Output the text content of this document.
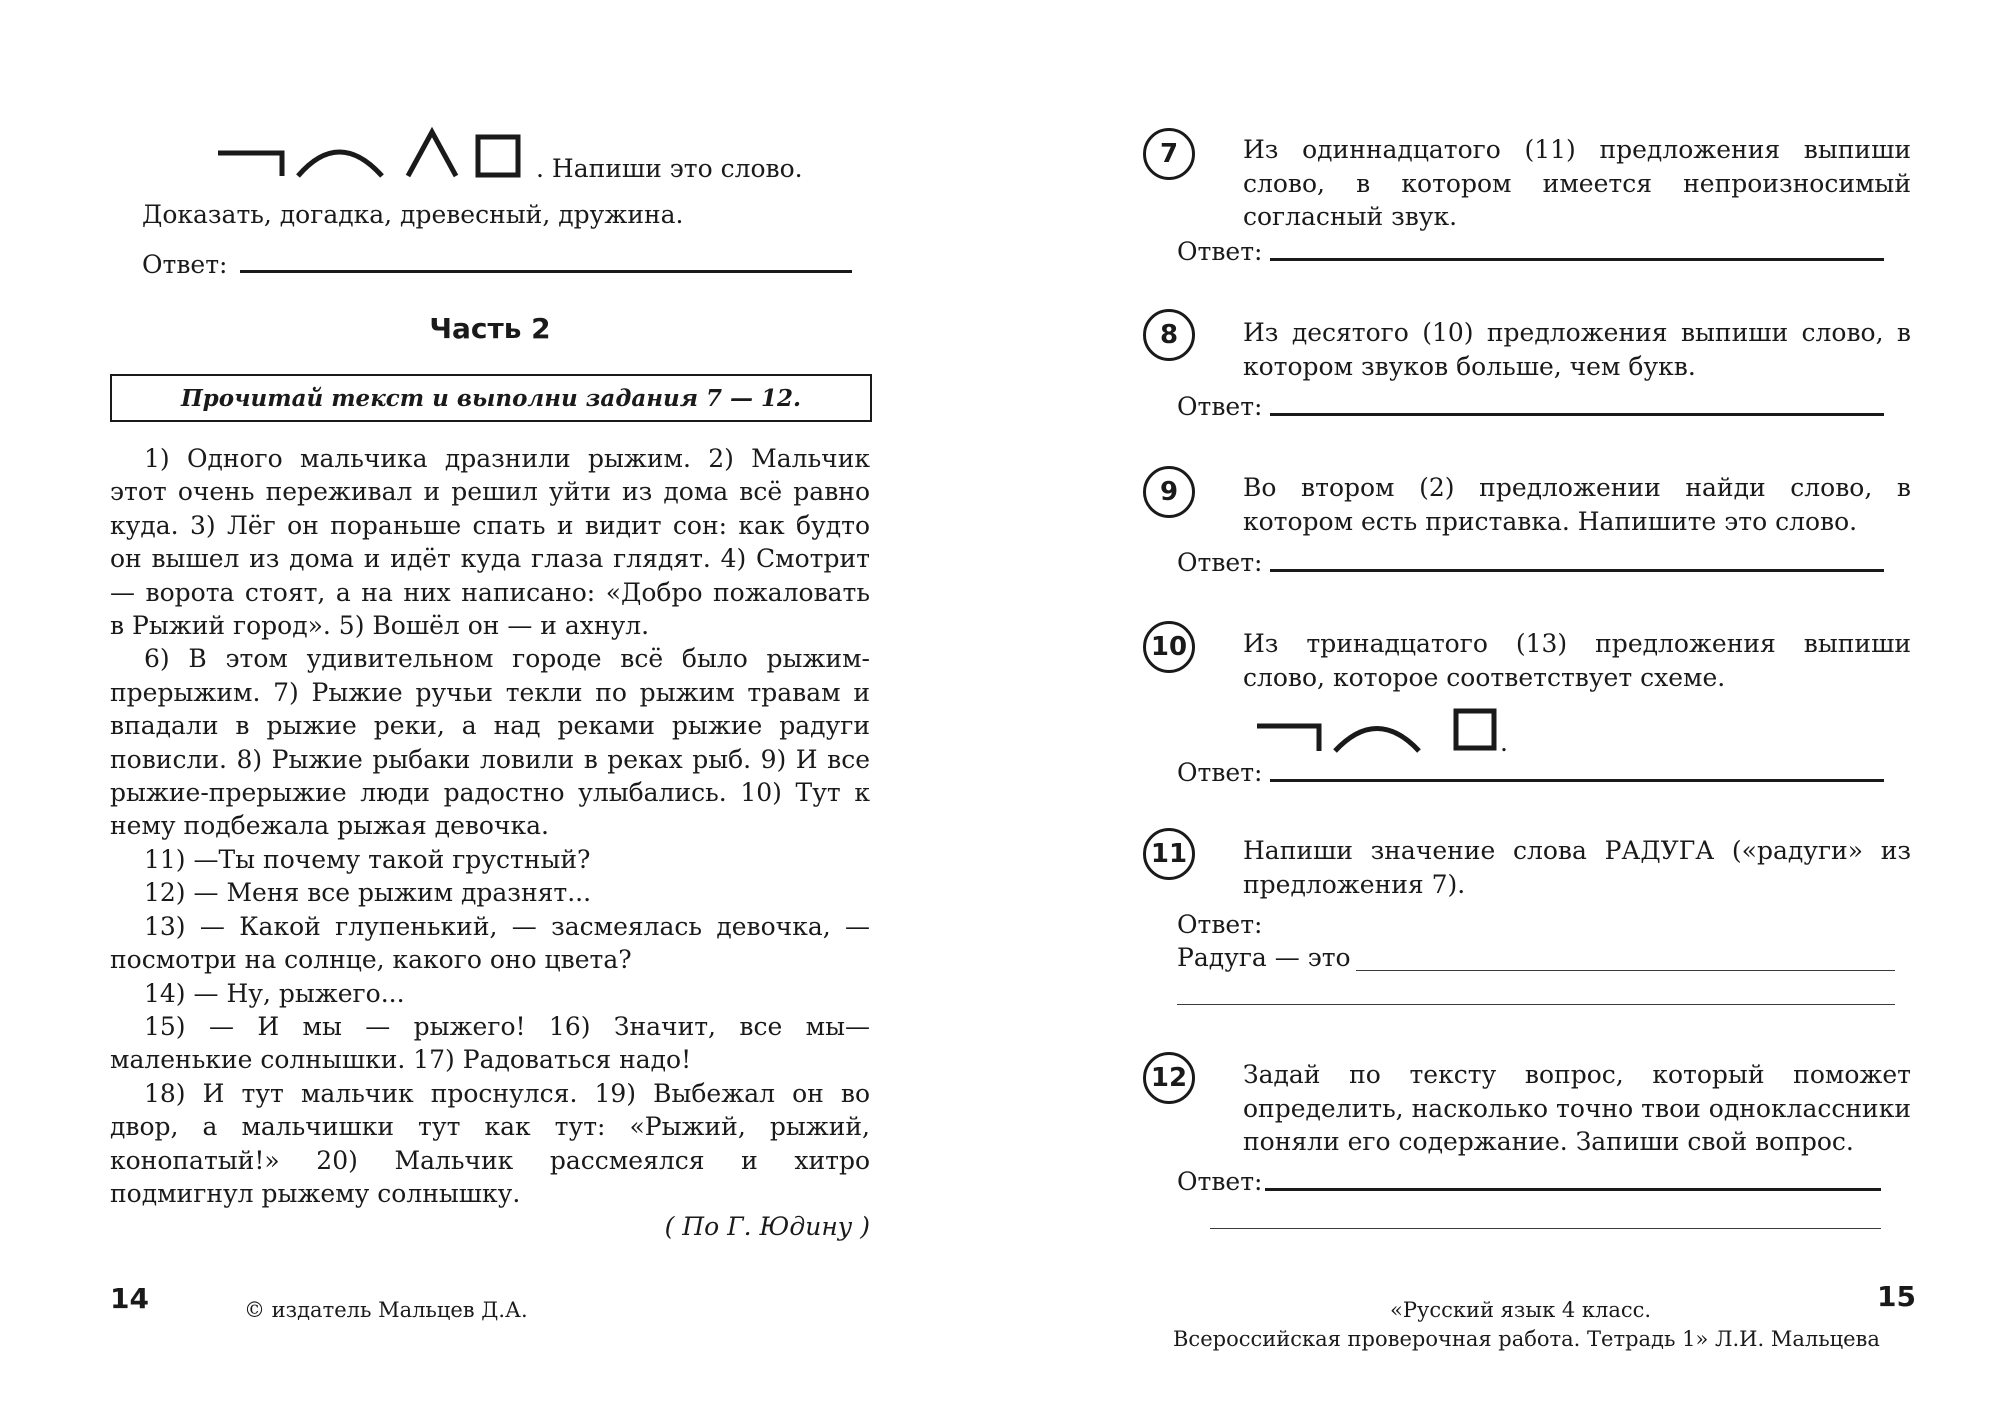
. Напиши это слово.
Доказать, догадка, древесный, дружина.
Ответ:
Часть 2
Прочитай текст и выполни задания 7 — 12.

1) Одного мальчика дразнили рыжим. 2) Мальчик этот очень переживал и решил уйти из дома всё равно куда. 3) Лёг он пораньше спать и видит сон: как будто он вышел из дома и идёт куда глаза глядят. 4) Смотрит — ворота стоят, а на них написано: «Добро пожаловать в Рыжий город». 5) Вошёл он — и ахнул.

6) В этом удивительном городе всё было рыжим-прерыжим. 7) Рыжие ручьи текли по рыжим травам и впадали в рыжие реки, а над реками рыжие радуги повисли. 8) Рыжие рыбаки ловили в реках рыб. 9) И все рыжие-прерыжие люди радостно улыбались. 10) Тут к нему подбежала рыжая девочка.

11) —Ты почему такой грустный?

12) — Меня все рыжим дразнят...

13) — Какой глупенький, — засмеялась девочка, — посмотри на солнце, какого оно цвета?

14) — Ну, рыжего...

15) — И мы — рыжего! 16) Значит, все мы— маленькие солнышки. 17) Радоваться надо!

18) И тут мальчик проснулся. 19) Выбежал он во двор, а мальчишки тут как тут: «Рыжий, рыжий, конопатый!» 20) Мальчик рассмеялся и хитро подмигнул рыжему солнышку.

( По Г. Юдину )

14	© издатель Мальцев Д.А.
7	Из одиннадцатого (11) предложения выпиши слово, в котором имеется непроизносимый согласный звук.
Ответ:
8	Из десятого (10) предложения выпиши слово, в котором звуков больше, чем букв.
Ответ:
9	Во втором (2) предложении найди слово, в котором есть приставка. Напишите это слово.
Ответ:
10	Из тринадцатого (13) предложения выпиши слово, которое соответствует схеме.
.
Ответ:
11	Напиши значение слова РАДУГА («радуги» из предложения 7).
Ответ:
Радуга — это
12	Задай по тексту вопрос, который поможет определить, насколько точно твои одноклассники поняли его содержание. Запиши свой вопрос.
Ответ:
15
«Русский язык 4 класс.
Всероссийская проверочная работа. Тетрадь 1» Л.И. Мальцева
